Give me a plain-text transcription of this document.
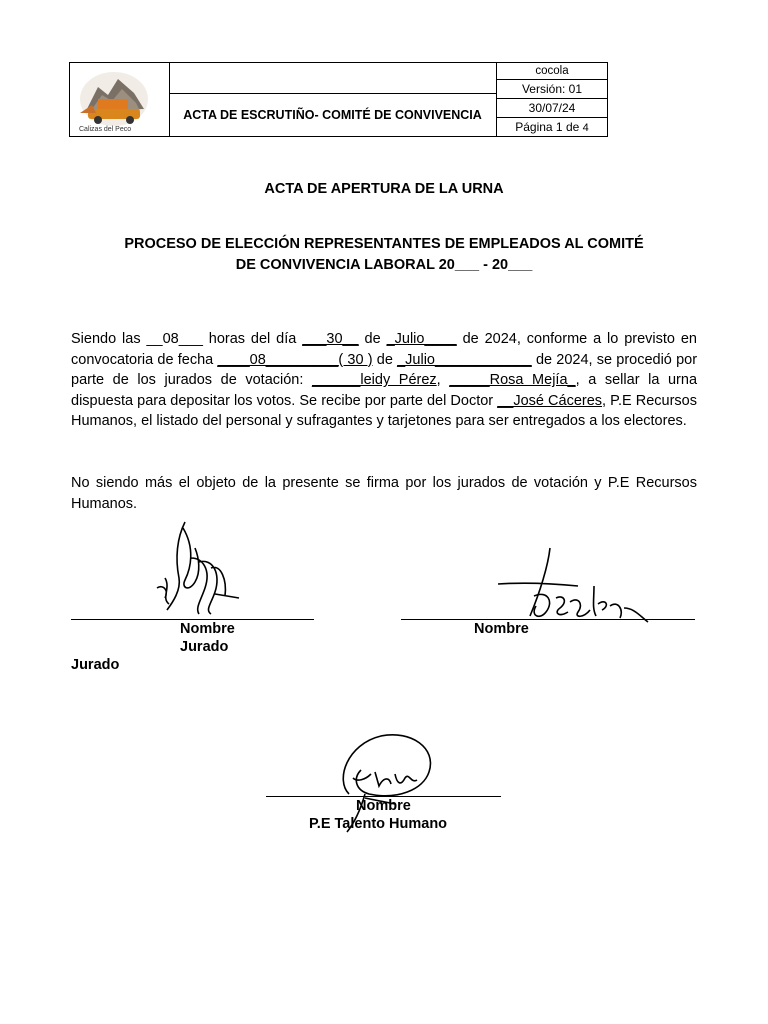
Calizas del Peco
ACTA DE ESCRUTIÑO- COMITÉ DE CONVIVENCIA
cocola
Versión: 01
30/07/24
Página 1 de 4
ACTA DE APERTURA DE LA URNA
PROCESO DE ELECCIÓN REPRESENTANTES DE EMPLEADOS AL COMITÉ
DE CONVIVENCIA LABORAL 20___ - 20___
Siendo las __08___ horas del día ___30__ de _Julio____ de 2024, conforme a lo previsto en convocatoria de fecha ____08_________( 30 ) de _Julio____________ de 2024, se procedió por parte de los jurados de votación: ______leidy Pérez, _____Rosa Mejía_, a sellar la urna dispuesta para depositar los votos. Se recibe por parte del Doctor __José Cáceres, P.E Recursos Humanos, el listado del personal y sufragantes y tarjetones para ser entregados a los electores.
No siendo más el objeto de la presente se firma por los jurados de votación y P.E Recursos Humanos.
Nombre
Jurado
Jurado
Nombre
Nombre
P.E Talento Humano
